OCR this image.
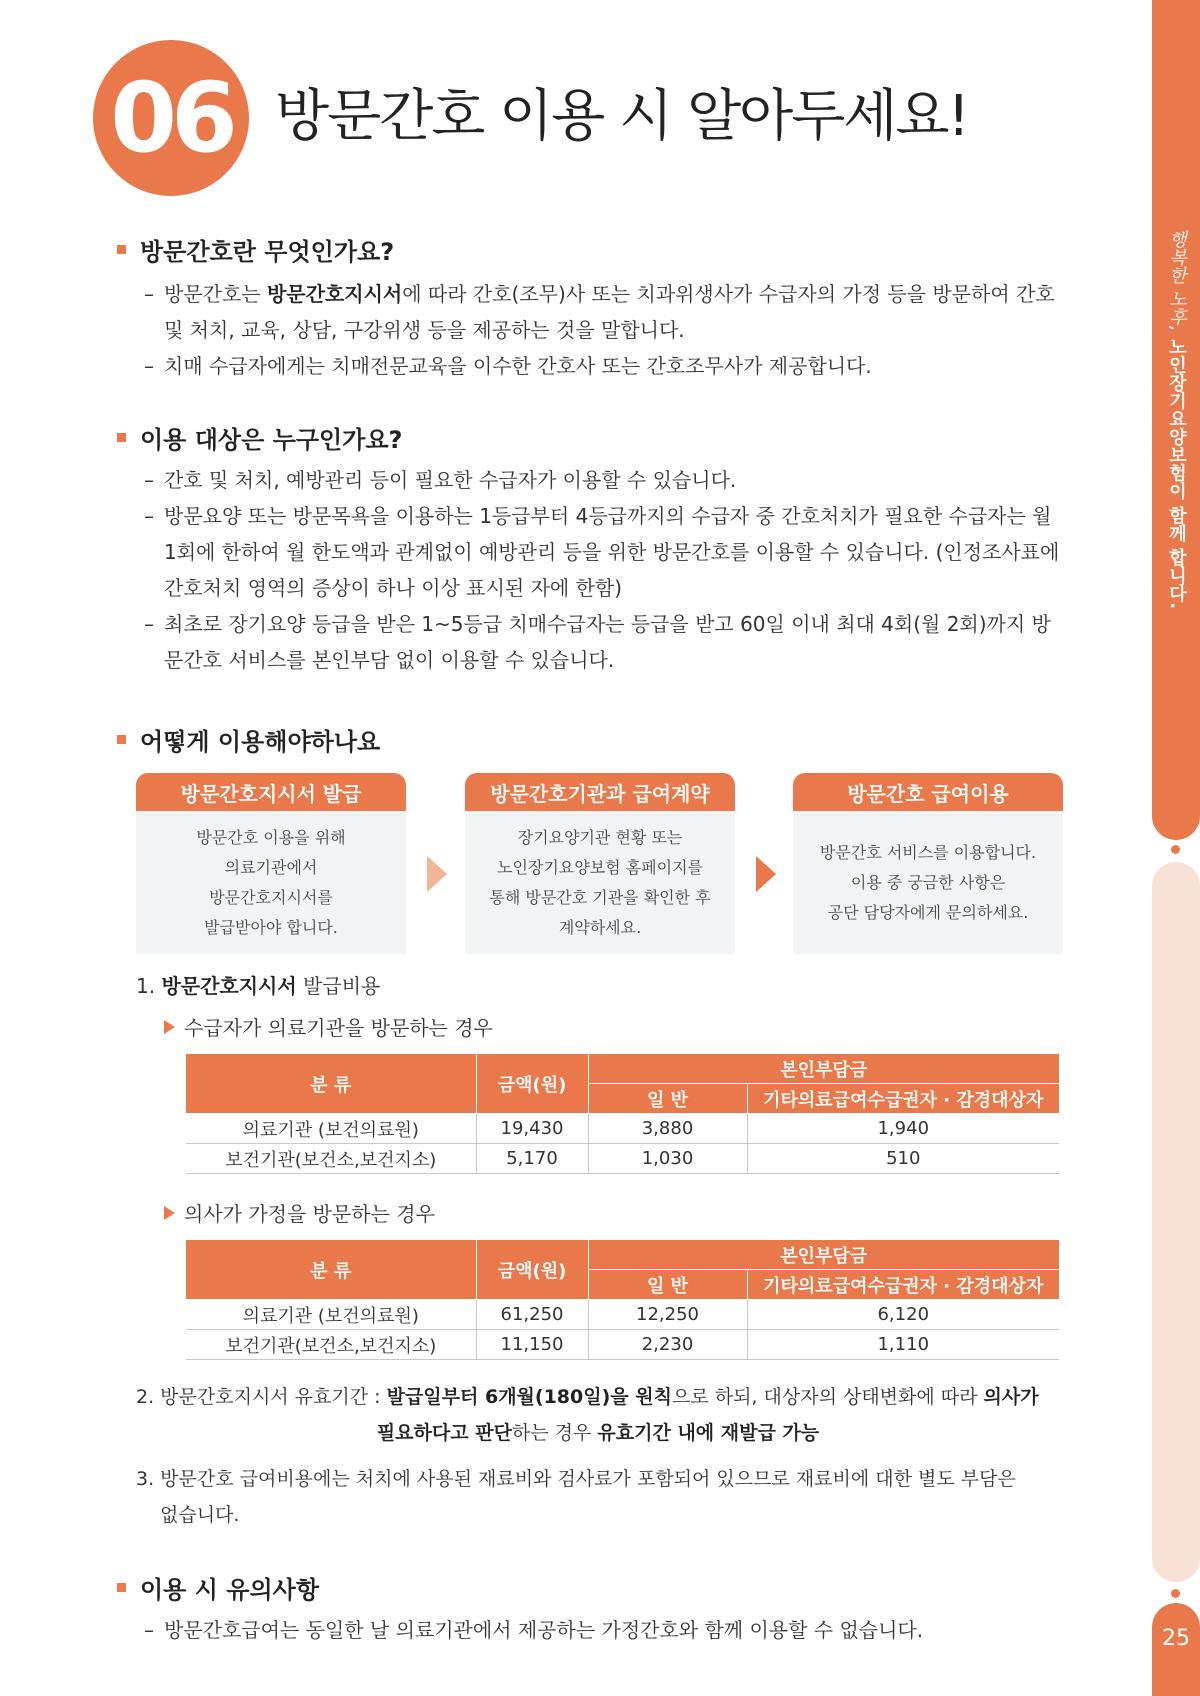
06 방문간호 이용 시 알아두세요!
행복한 노후, 노인장기요양보험이 함께 합니다.
25
방문간호란 무엇인가요?
– 방문간호는 방문간호지시서에 따라 간호(조무)사 또는 치과위생사가 수급자의 가정 등을 방문하여 간호 및 처치, 교육, 상담, 구강위생 등을 제공하는 것을 말합니다.
– 치매 수급자에게는 치매전문교육을 이수한 간호사 또는 간호조무사가 제공합니다.
이용 대상은 누구인가요?
– 간호 및 처치, 예방관리 등이 필요한 수급자가 이용할 수 있습니다.
– 방문요양 또는 방문목욕을 이용하는 1등급부터 4등급까지의 수급자 중 간호처치가 필요한 수급자는 월 1회에 한하여 월 한도액과 관계없이 예방관리 등을 위한 방문간호를 이용할 수 있습니다. (인정조사표에 간호처치 영역의 증상이 하나 이상 표시된 자에 한함)
– 최초로 장기요양 등급을 받은 1~5등급 치매수급자는 등급을 받고 60일 이내 최대 4회(월 2회)까지 방문간호 서비스를 본인부담 없이 이용할 수 있습니다.
어떻게 이용해야하나요
방문간호지시서 발급
방문간호 이용을 위해
의료기관에서
방문간호지시서를
발급받아야 합니다.
방문간호기관과 급여계약
장기요양기관 현황 또는
노인장기요양보험 홈페이지를
통해 방문간호 기관을 확인한 후
계약하세요.
방문간호 급여이용
방문간호 서비스를 이용합니다.
이용 중 궁금한 사항은
공단 담당자에게 문의하세요.
1. 방문간호지시서 발급비용
수급자가 의료기관을 방문하는 경우
분 류	금액(원)	본인부담금	
		일 반	기타의료급여수급권자 · 감경대상자
의료기관 (보건의료원)	19,430	3,880	1,940
보건기관(보건소,보건지소)	5,170	1,030	510
의사가 가정을 방문하는 경우
분 류	금액(원)	본인부담금	
		일 반	기타의료급여수급권자 · 감경대상자
의료기관 (보건의료원)	61,250	12,250	6,120
보건기관(보건소,보건지소)	11,150	2,230	1,110
2. 방문간호지시서 유효기간 : 발급일부터 6개월(180일)을 원칙으로 하되, 대상자의 상태변화에 따라 의사가
필요하다고 판단하는 경우 유효기간 내에 재발급 가능
3. 방문간호 급여비용에는 처치에 사용된 재료비와 검사료가 포함되어 있으므로 재료비에 대한 별도 부담은
없습니다.
이용 시 유의사항
– 방문간호급여는 동일한 날 의료기관에서 제공하는 가정간호와 함께 이용할 수 없습니다.
